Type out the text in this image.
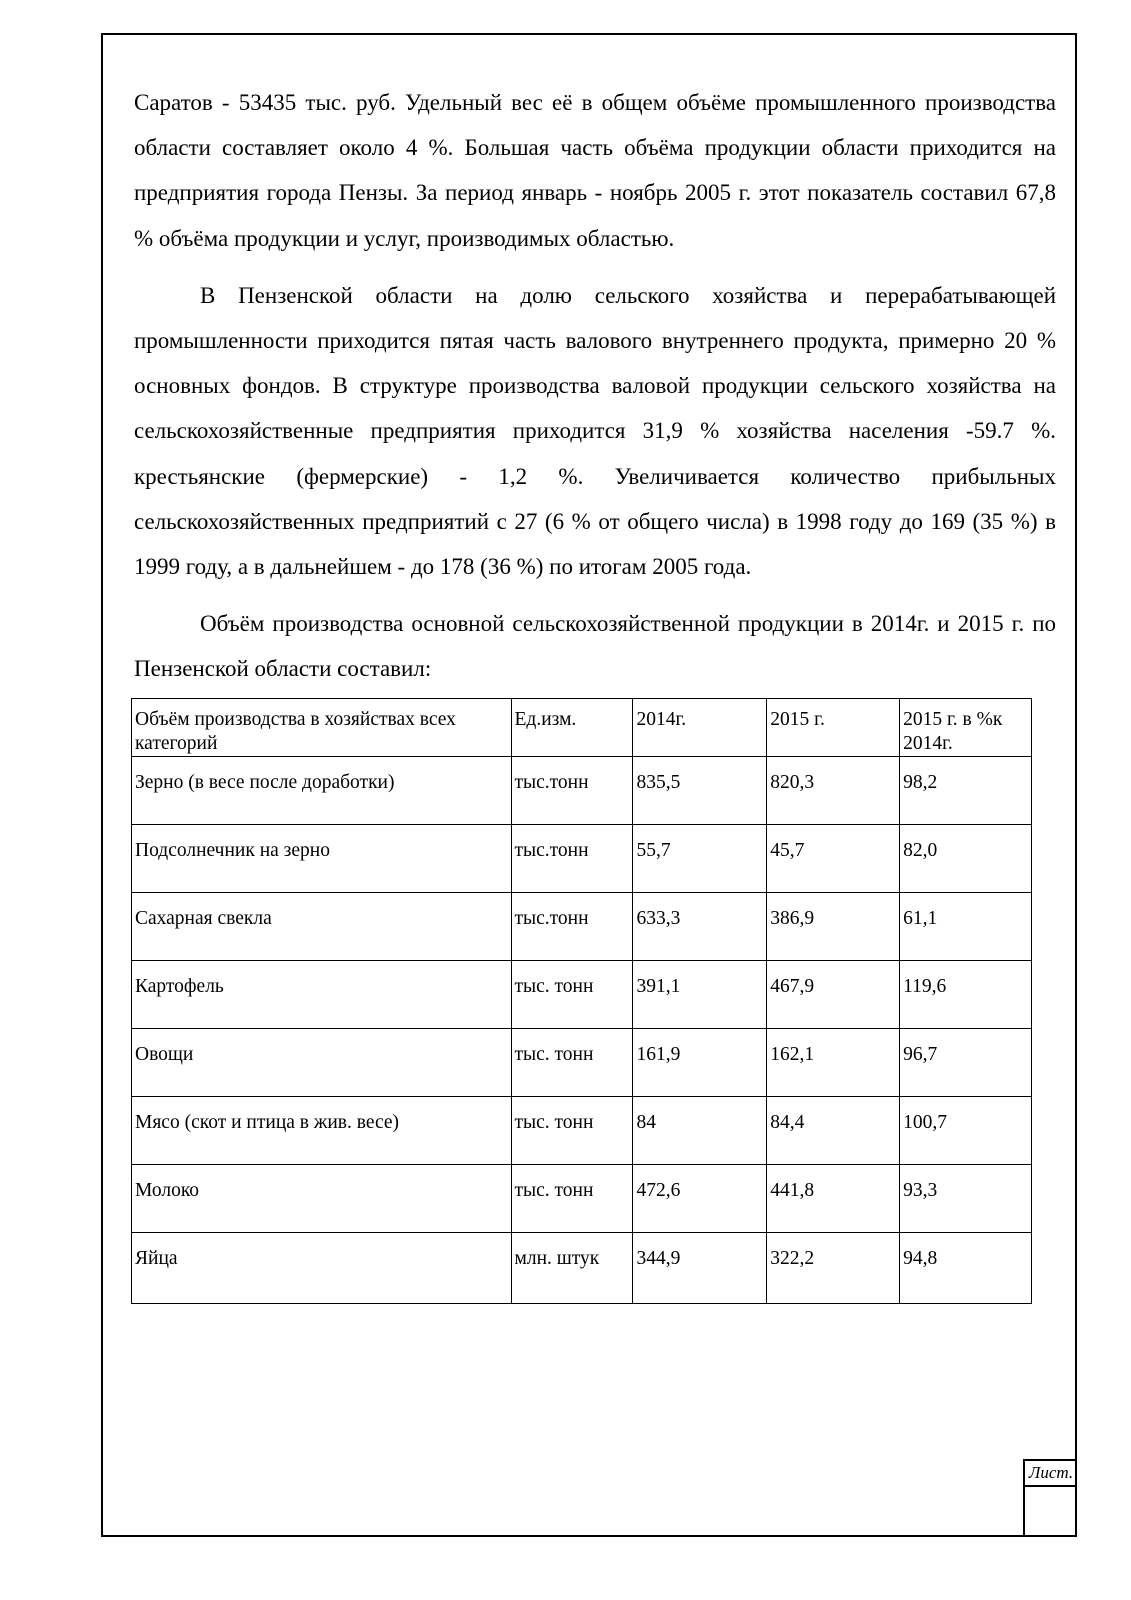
Саратов - 53435 тыс. руб. Удельный вес её в общем объёме промышленного производства области составляет около 4 %. Большая часть объёма продукции области приходится на предприятия города Пензы. За период январь - ноябрь 2005 г. этот показатель составил 67,8 % объёма продукции и услуг, производимых областью.

В Пензенской области на долю сельского хозяйства и перерабатывающей промышленности приходится пятая часть валового внутреннего продукта, примерно 20 % основных фондов. В структуре производства валовой продукции сельского хозяйства на сельскохозяйственные предприятия приходится 31,9 % хозяйства населения -59.7 %. крестьянские (фермерские) - 1,2 %. Увеличивается количество прибыльных сельскохозяйственных предприятий с 27 (6 % от общего числа) в 1998 году до 169 (35 %) в 1999 году, а в дальнейшем - до 178 (36 %) по итогам 2005 года.

Объём производства основной сельскохозяйственной продукции в 2014г. и 2015 г. по Пензенской области составил:

Объём производства в хозяйствах всех категорий	Ед.изм.	2014г.	2015 г.	2015 г. в %к 2014г.
Зерно (в весе после доработки)	тыс.тонн	835,5	820,3	98,2
Подсолнечник на зерно	тыс.тонн	55,7	45,7	82,0
Сахарная свекла	тыс.тонн	633,3	386,9	61,1
Картофель	тыс. тонн	391,1	467,9	119,6
Овощи	тыс. тонн	161,9	162,1	96,7
Мясо (скот и птица в жив. весе)	тыс. тонн	84	84,4	100,7
Молоко	тыс. тонн	472,6	441,8	93,3
Яйца	млн. штук	344,9	322,2	94,8
Лист.
